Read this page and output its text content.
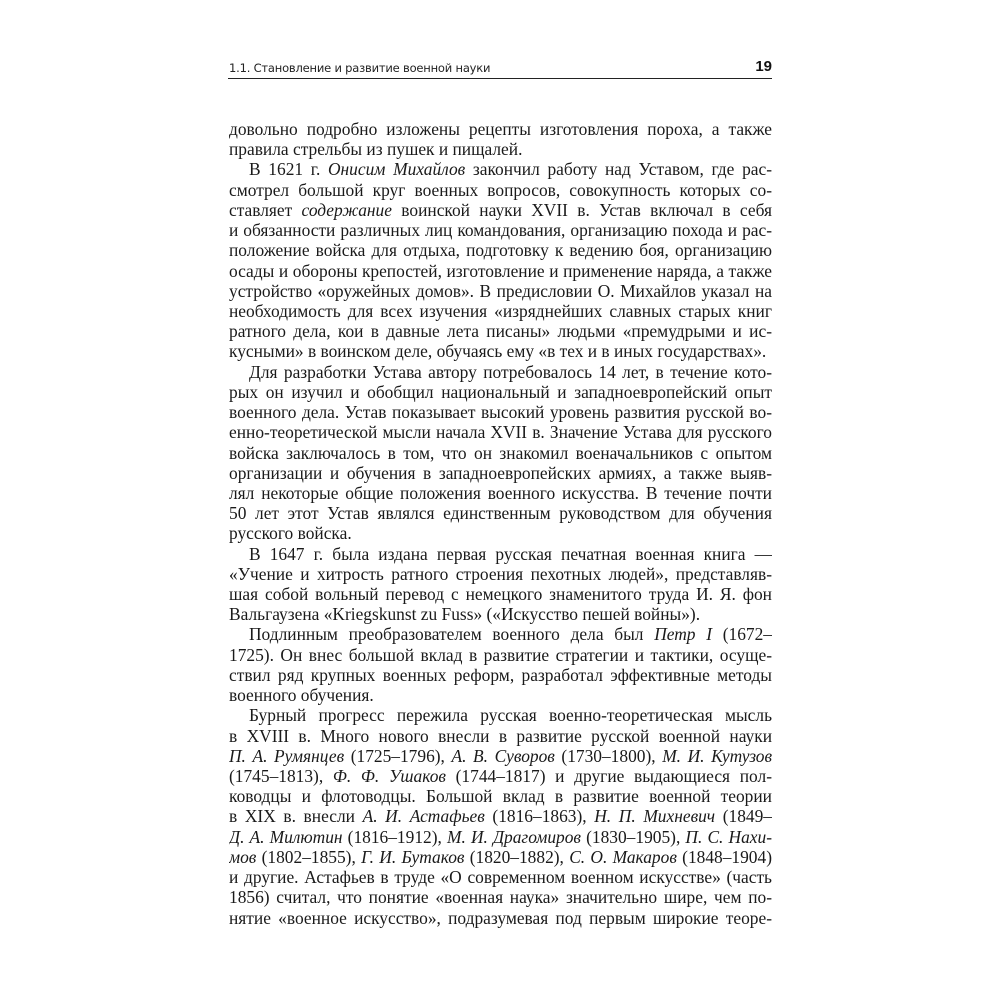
1.1. Становление и развитие военной науки	19
довольно подробно изложены рецепты изготовления пороха, а также
правила стрельбы из пушек и пищалей.
В 1621 г. Онисим Михайлов закончил работу над Уставом, где рас-
смотрел большой круг военных вопросов, совокупность которых со-
ставляет содержание воинской науки XVII в. Устав включал в себя
и обязанности различных лиц командования, организацию похода и рас-
положение войска для отдыха, подготовку к ведению боя, организацию
осады и обороны крепостей, изготовление и применение наряда, а также
устройство «оружейных домов». В предисловии О. Михайлов указал на
необходимость для всех изучения «изряднейших славных старых книг
ратного дела, кои в давные лета писаны» людьми «премудрыми и ис-
кусными» в воинском деле, обучаясь ему «в тех и в иных государствах».
Для разработки Устава автору потребовалось 14 лет, в течение кото-
рых он изучил и обобщил национальный и западноевропейский опыт
военного дела. Устав показывает высокий уровень развития русской во-
енно-теоретической мысли начала XVII в. Значение Устава для русского
войска заключалось в том, что он знакомил военачальников с опытом
организации и обучения в западноевропейских армиях, а также выяв-
лял некоторые общие положения военного искусства. В течение почти
50 лет этот Устав являлся единственным руководством для обучения
русского войска.
В 1647 г. была издана первая русская печатная военная книга —
«Учение и хитрость ратного строения пехотных людей», представляв-
шая собой вольный перевод с немецкого знаменитого труда И. Я. фон
Вальгаузена «Kriegskunst zu Fuss» («Искусство пешей войны»).
Подлинным преобразователем военного дела был Петр I (1672–
1725). Он внес большой вклад в развитие стратегии и тактики, осуще-
ствил ряд крупных военных реформ, разработал эффективные методы
военного обучения.
Бурный прогресс пережила русская военно-теоретическая мысль
в XVIII в. Много нового внесли в развитие русской военной науки
П. А. Румянцев (1725–1796), А. В. Суворов (1730–1800), М. И. Кутузов
(1745–1813), Ф. Ф. Ушаков (1744–1817) и другие выдающиеся пол-
ководцы и флотоводцы. Большой вклад в развитие военной теории
в XIX в. внесли А. И. Астафьев (1816–1863), Н. П. Михневич (1849–
Д. А. Милютин (1816–1912), М. И. Драгомиров (1830–1905), П. С. Нахи-
мов (1802–1855), Г. И. Бутаков (1820–1882), С. О. Макаров (1848–1904)
и другие. Астафьев в труде «О современном военном искусстве» (часть
1856) считал, что понятие «военная наука» значительно шире, чем по-
нятие «военное искусство», подразумевая под первым широкие теоре-
